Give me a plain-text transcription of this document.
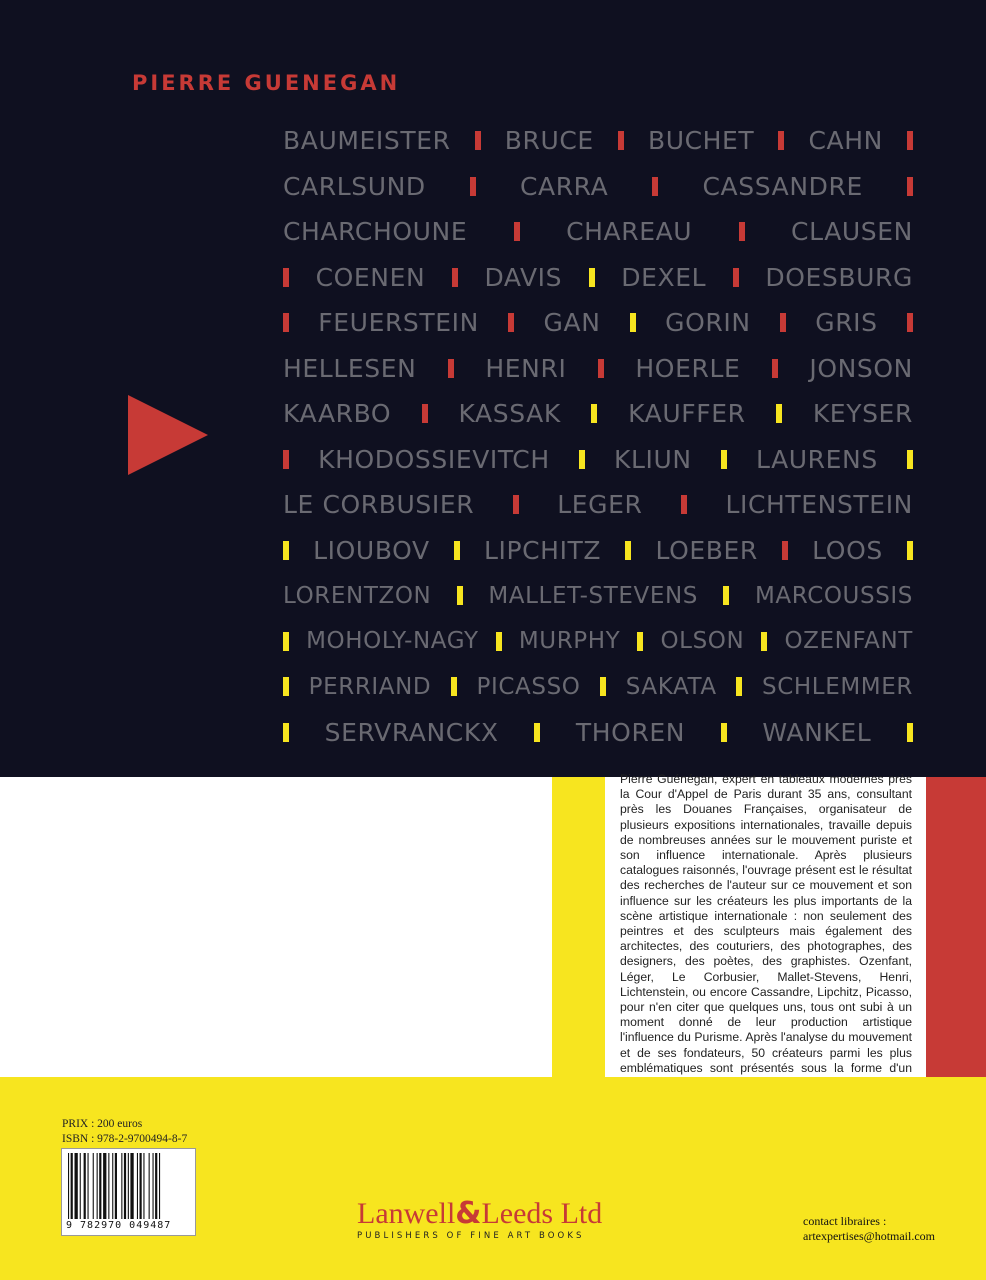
PIERRE GUENEGAN
BAUMEISTER BRUCE BUCHET CAHN
CARLSUND	CARRA	CASSANDRE
CHARCHOUNE	CHAREAU	CLAUSEN
COENEN DAVIS DEXEL DOESBURG
FEUERSTEIN	GAN	GORIN	GRIS
HELLESEN	HENRI	HOERLE	JONSON
KAARBO	KASSAK	KAUFFER	KEYSER
KHODOSSIEVITCH	KLIUN	LAURENS
LE CORBUSIER	LEGER	LICHTENSTEIN
LIOUBOV LIPCHITZ LOEBER LOOS
LORENTZON MALLET-STEVENS MARCOUSSIS
MOHOLY-NAGY MURPHY OLSON OZENFANT
PERRIAND PICASSO SAKATA SCHLEMMER
SERVRANCKX	THOREN	WANKEL
Pierre Guénégan, expert en tableaux modernes près la Cour d'Appel de Paris durant 35 ans, consultant près les Douanes Françaises, organisateur de plusieurs expositions internationales, travaille depuis de nombreuses années sur le mouvement puriste et son influence internationale. Après plusieurs catalogues raisonnés, l'ouvrage présent est le résultat des recherches de l'auteur sur ce mouvement et son influence sur les créateurs les plus importants de la scène artistique internationale : non seulement des peintres et des sculpteurs mais également des architectes, des couturiers, des photographes, des designers, des poètes, des graphistes. Ozenfant, Léger, Le Corbusier, Mallet-Stevens, Henri, Lichtenstein, ou encore Cassandre, Lipchitz, Picasso, pour n'en citer que quelques uns, tous ont subi à un moment donné de leur production artistique l'influence du Purisme. Après l'analyse du mouvement et de ses fondateurs, 50 créateurs parmi les plus emblématiques sont présentés sous la forme d'un
PRIX : 200 euros
ISBN : 978-2-9700494-8-7
9 782970 049487	Lanwell&Leeds Ltd
PUBLISHERS OF FINE ART BOOKS
contact libraires :
artexpertises@hotmail.com
